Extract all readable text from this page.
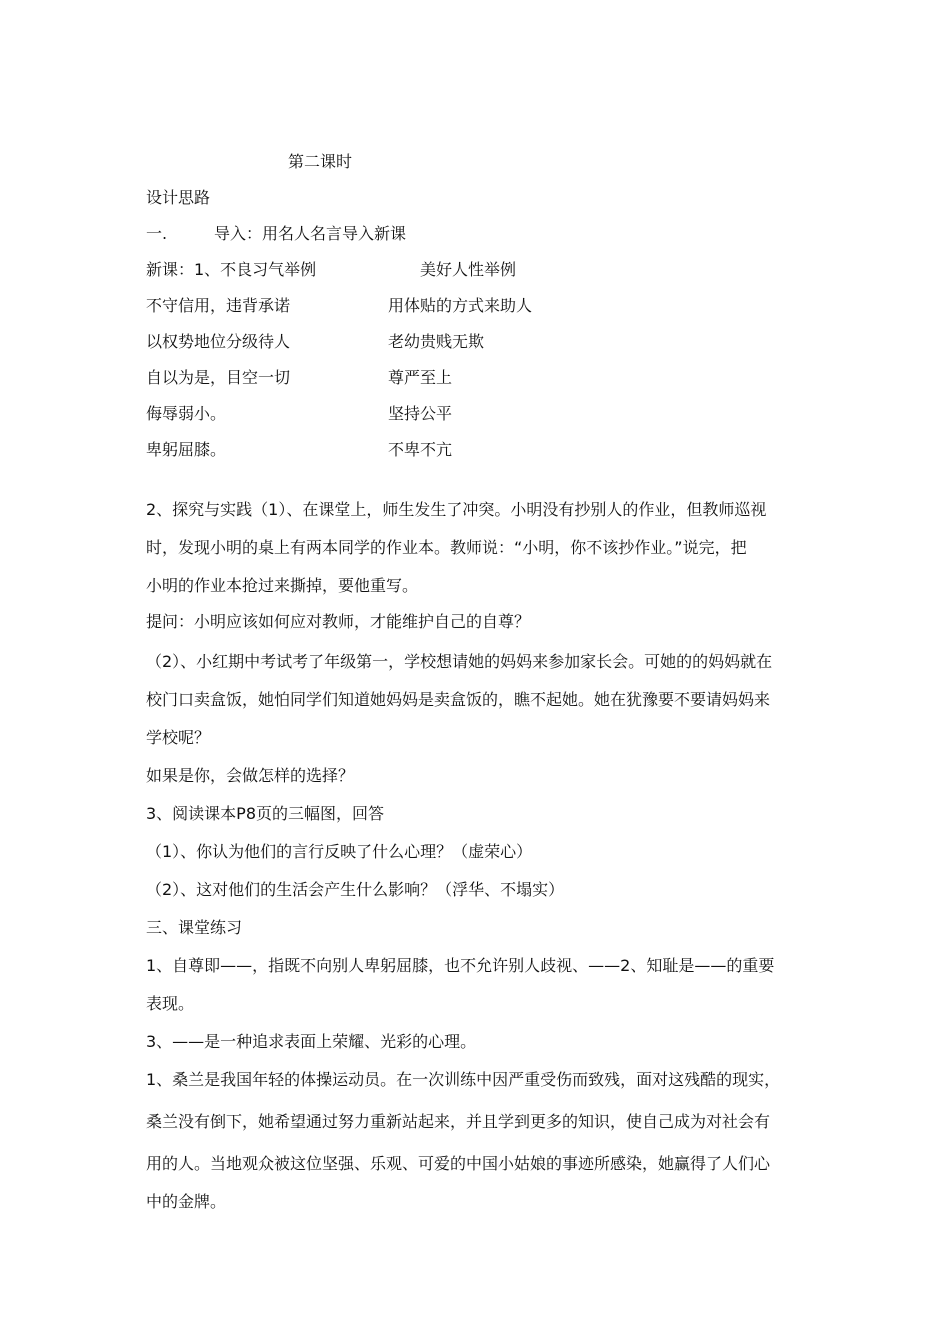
第二课时
设计思路
一.	导入：用名人名言导入新课
新课：1、不良习气举例	美好人性举例
不守信用，违背承诺	用体贴的方式来助人
以权势地位分级待人	老幼贵贱无欺
自以为是，目空一切	尊严至上
侮辱弱小。	坚持公平
卑躬屈膝。	不卑不亢
2、探究与实践（1）、在课堂上，师生发生了冲突。小明没有抄别人的作业，但教师巡视
时，发现小明的桌上有两本同学的作业本。教师说：“小明，你不该抄作业。”说完，把
小明的作业本抢过来撕掉，要他重写。
提问：小明应该如何应对教师，才能维护自己的自尊？
（2）、小红期中考试考了年级第一，学校想请她的妈妈来参加家长会。可她的的妈妈就在
校门口卖盒饭，她怕同学们知道她妈妈是卖盒饭的，瞧不起她。她在犹豫要不要请妈妈来
学校呢？
如果是你，会做怎样的选择？
3、阅读课本P8页的三幅图，回答
（1）、你认为他们的言行反映了什么心理？（虚荣心）
（2）、这对他们的生活会产生什么影响？（浮华、不塌实）
三、课堂练习
1、自尊即——，指既不向别人卑躬屈膝，也不允许别人歧视、——2、知耻是——的重要
表现。
3、——是一种追求表面上荣耀、光彩的心理。
1、桑兰是我国年轻的体操运动员。在一次训练中因严重受伤而致残，面对这残酷的现实，
桑兰没有倒下，她希望通过努力重新站起来，并且学到更多的知识，使自己成为对社会有
用的人。当地观众被这位坚强、乐观、可爱的中国小姑娘的事迹所感染，她赢得了人们心
中的金牌。
